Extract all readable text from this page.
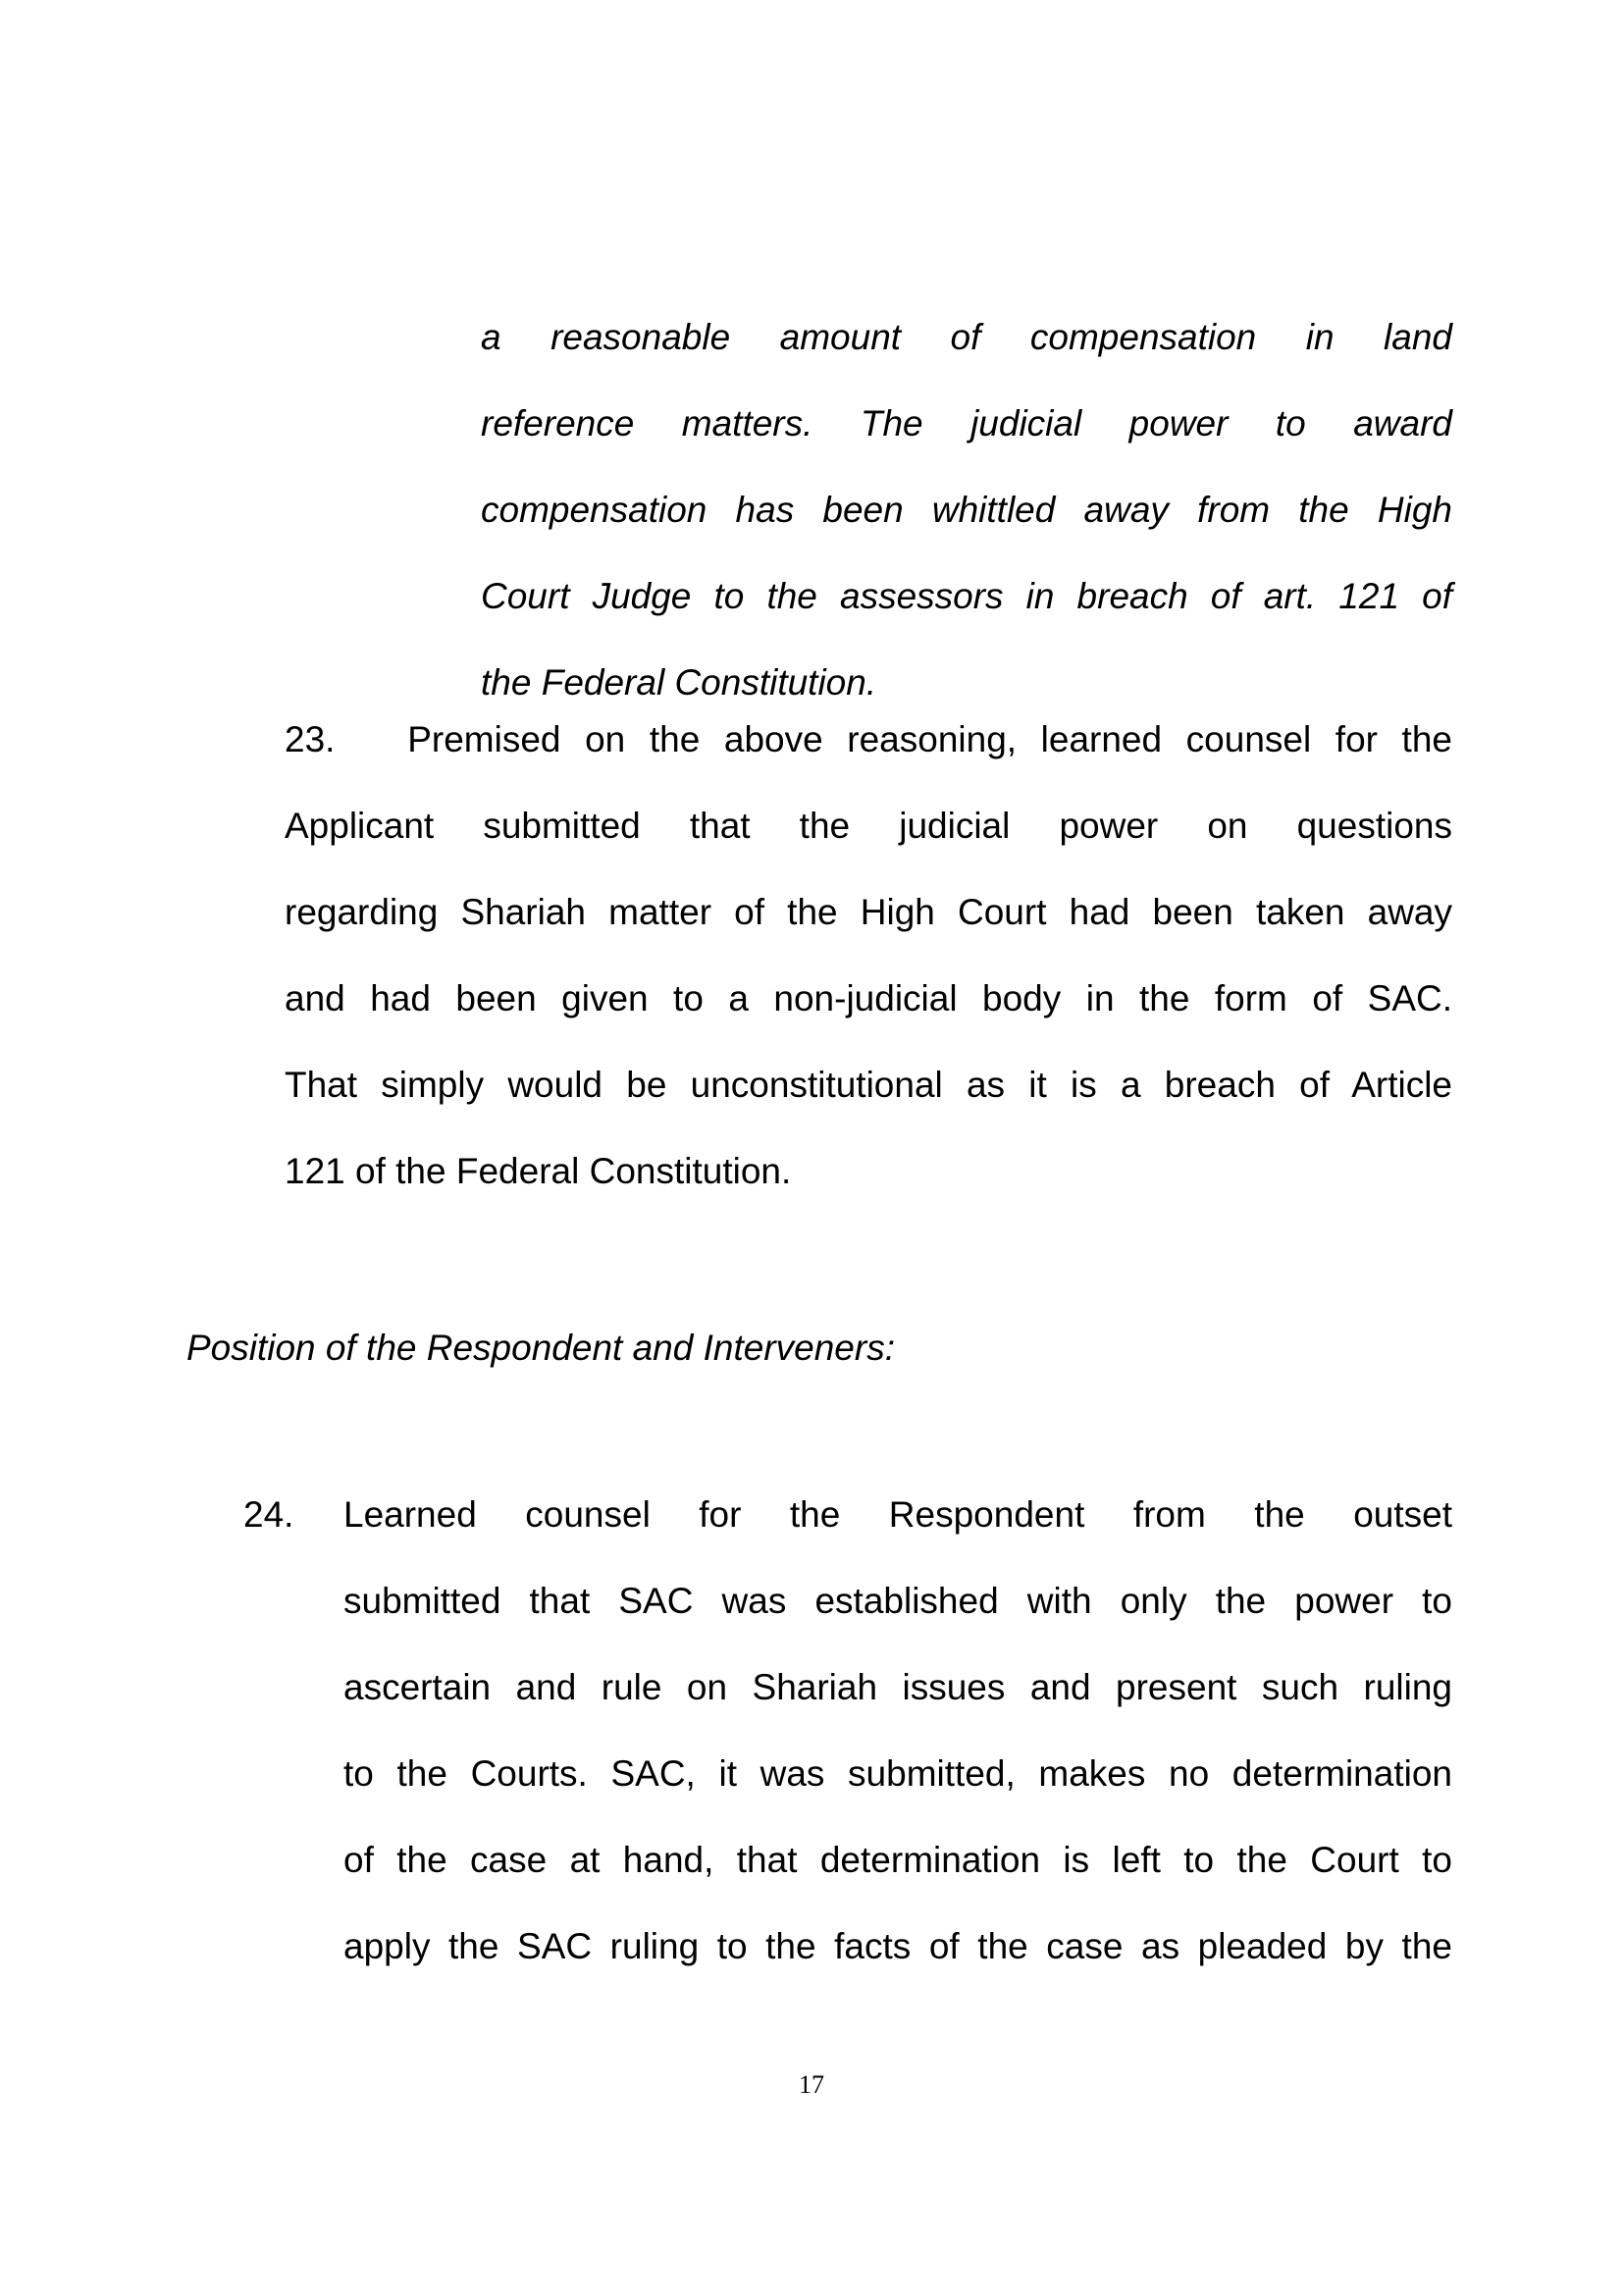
a reasonable amount of compensation in land
reference matters. The judicial power to award
compensation has been whittled away from the High
Court Judge to the assessors in breach of art. 121 of
the Federal Constitution.
23. Premised on the above reasoning, learned counsel for the
Applicant submitted that the judicial power on questions
regarding Shariah matter of the High Court had been taken away
and had been given to a non-judicial body in the form of SAC.
That simply would be unconstitutional as it is a breach of Article
121 of the Federal Constitution.
Position of the Respondent and Interveners:
24. Learned counsel for the Respondent from the outset
submitted that SAC was established with only the power to
ascertain and rule on Shariah issues and present such ruling
to the Courts. SAC, it was submitted, makes no determination
of the case at hand, that determination is left to the Court to
apply the SAC ruling to the facts of the case as pleaded by the
17
